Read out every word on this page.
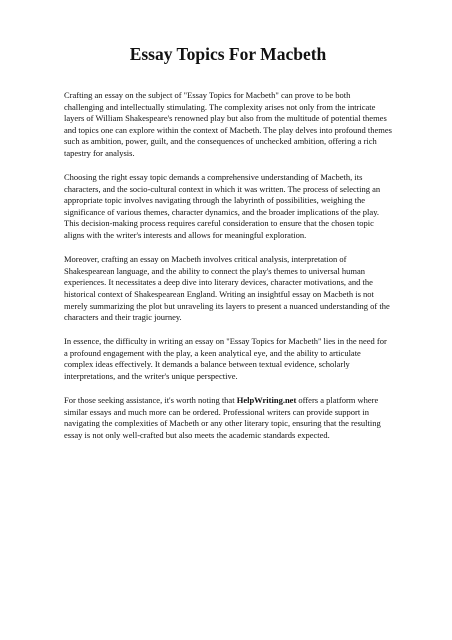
Essay Topics For Macbeth

Crafting an essay on the subject of "Essay Topics for Macbeth" can prove to be both challenging and intellectually stimulating. The complexity arises not only from the intricate layers of William Shakespeare's renowned play but also from the multitude of potential themes and topics one can explore within the context of Macbeth. The play delves into profound themes such as ambition, power, guilt, and the consequences of unchecked ambition, offering a rich tapestry for analysis.

Choosing the right essay topic demands a comprehensive understanding of Macbeth, its characters, and the socio-cultural context in which it was written. The process of selecting an appropriate topic involves navigating through the labyrinth of possibilities, weighing the significance of various themes, character dynamics, and the broader implications of the play. This decision-making process requires careful consideration to ensure that the chosen topic aligns with the writer's interests and allows for meaningful exploration.

Moreover, crafting an essay on Macbeth involves critical analysis, interpretation of Shakespearean language, and the ability to connect the play's themes to universal human experiences. It necessitates a deep dive into literary devices, character motivations, and the historical context of Shakespearean England. Writing an insightful essay on Macbeth is not merely summarizing the plot but unraveling its layers to present a nuanced understanding of the characters and their tragic journey.

In essence, the difficulty in writing an essay on "Essay Topics for Macbeth" lies in the need for a profound engagement with the play, a keen analytical eye, and the ability to articulate complex ideas effectively. It demands a balance between textual evidence, scholarly interpretations, and the writer's unique perspective.

For those seeking assistance, it's worth noting that HelpWriting.net offers a platform where similar essays and much more can be ordered. Professional writers can provide support in navigating the complexities of Macbeth or any other literary topic, ensuring that the resulting essay is not only well-crafted but also meets the academic standards expected.
